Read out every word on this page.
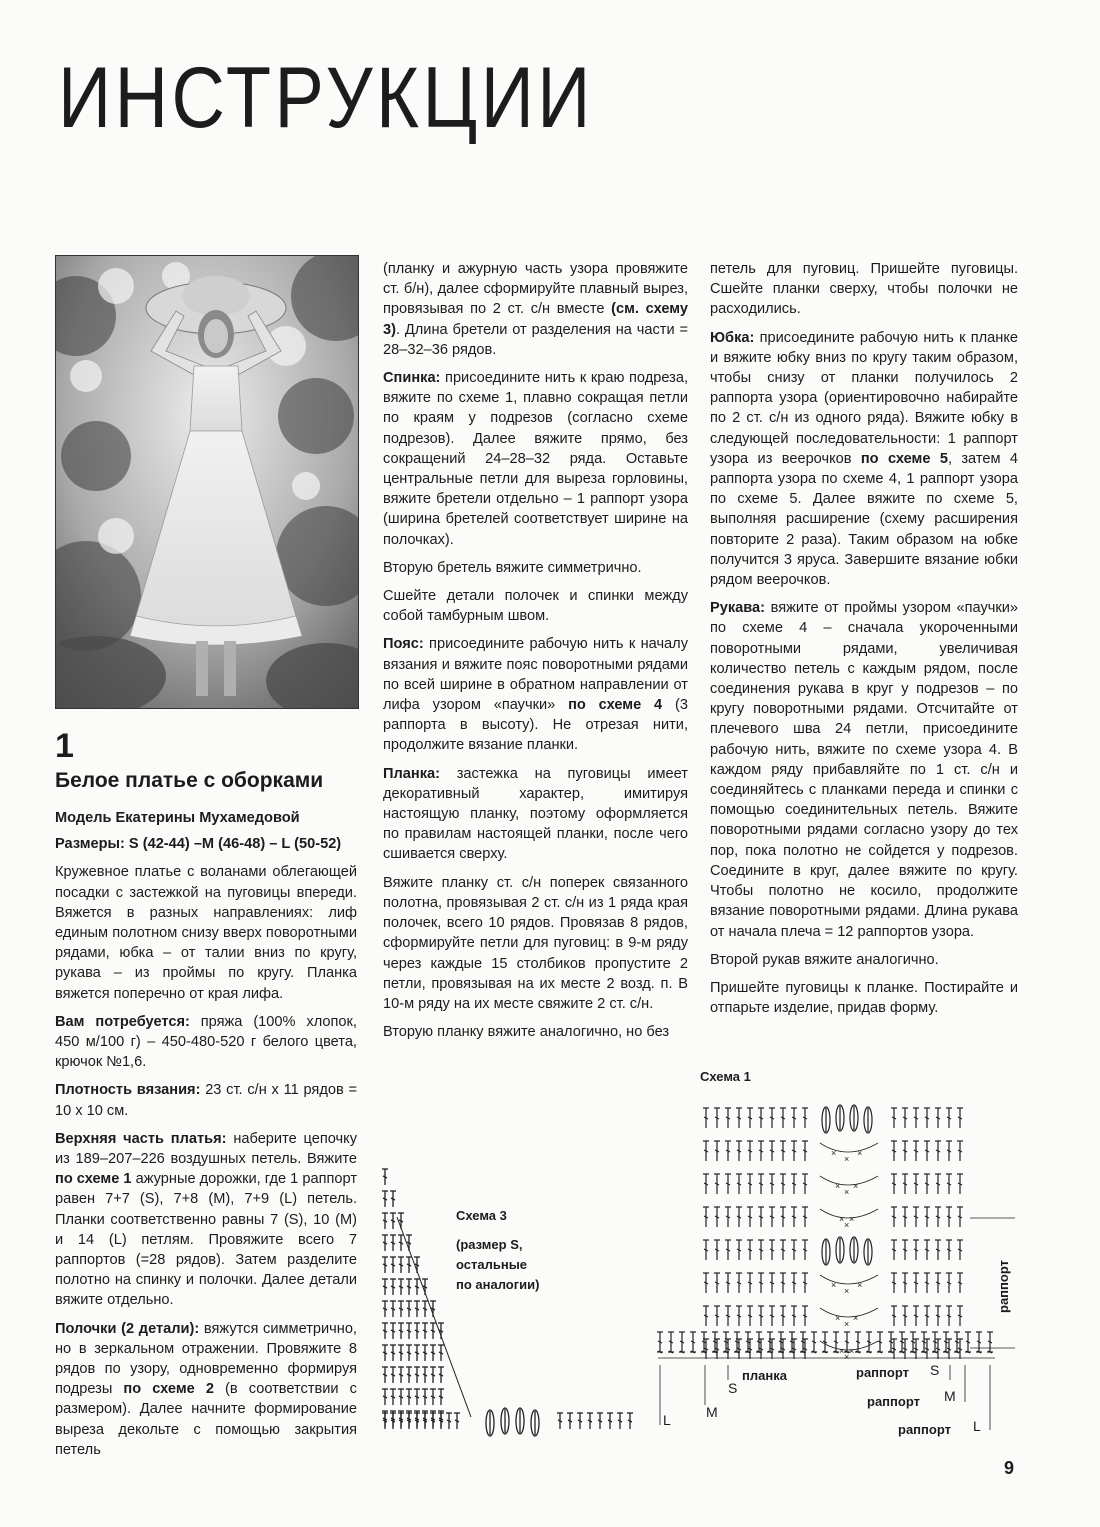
ИНСТРУКЦИИ
1
Белое платье с оборками
Модель Екатерины Мухамедовой
Размеры: S (42-44) –M (46-48) – L (50-52)

Кружевное платье с воланами облегающей посадки с застежкой на пуговицы впереди. Вяжется в разных направлениях: лиф единым полотном снизу вверх поворотными рядами, юбка – от талии вниз по кругу, рукава – из проймы по кругу. Планка вяжется поперечно от края лифа.

Вам потребуется: пряжа (100% хлопок, 450 м/100 г) – 450-480-520 г белого цвета, крючок №1,6.

Плотность вязания: 23 ст. с/н х 11 рядов = 10 х 10 см.

Верхняя часть платья: наберите цепочку из 189–207–226 воздушных петель. Вяжите по схеме 1 ажурные дорожки, где 1 раппорт равен 7+7 (S), 7+8 (M), 7+9 (L) петель. Планки соответственно равны 7 (S), 10 (M) и 14 (L) петлям. Провяжите всего 7 раппортов (=28 рядов). Затем разделите полотно на спинку и полочки. Далее детали вяжите отдельно.

Полочки (2 детали): вяжутся симметрично, но в зеркальном отражении. Провяжите 8 рядов по узору, одновременно формируя подрезы по схеме 2 (в соответствии с размером). Далее начните формирование выреза декольте с помощью закрытия петель

(планку и ажурную часть узора провяжите ст. б/н), далее сформируйте плавный вырез, провязывая по 2 ст. с/н вместе (см. схему 3). Длина бретели от разделения на части = 28–32–36 рядов.

Спинка: присоедините нить к краю подреза, вяжите по схеме 1, плавно сокращая петли по краям у подрезов (согласно схеме подрезов). Далее вяжите прямо, без сокращений 24–28–32 ряда. Оставьте центральные петли для выреза горловины, вяжите бретели отдельно – 1 раппорт узора (ширина бретелей соответствует ширине на полочках).

Вторую бретель вяжите симметрично.

Сшейте детали полочек и спинки между собой тамбурным швом.

Пояс: присоедините рабочую нить к началу вязания и вяжите пояс поворотными рядами по всей ширине в обратном направлении от лифа узором «паучки» по схеме 4 (3 раппорта в высоту). Не отрезая нити, продолжите вязание планки.

Планка: застежка на пуговицы имеет декоративный характер, имитируя настоящую планку, поэтому оформляется по правилам настоящей планки, после чего сшивается сверху.

Вяжите планку ст. с/н поперек связанного полотна, провязывая 2 ст. с/н из 1 ряда края полочек, всего 10 рядов. Провязав 8 рядов, сформируйте петли для пуговиц: в 9-м ряду через каждые 15 столбиков пропустите 2 петли, провязывая на их месте 2 возд. п. В 10-м ряду на их месте свяжите 2 ст. с/н.

Вторую планку вяжите аналогично, но без

петель для пуговиц. Пришейте пуговицы. Сшейте планки сверху, чтобы полочки не расходились.

Юбка: присоедините рабочую нить к планке и вяжите юбку вниз по кругу таким образом, чтобы снизу от планки получилось 2 раппорта узора (ориентировочно набирайте по 2 ст. с/н из одного ряда). Вяжите юбку в следующей последовательности: 1 раппорт узора из веерочков по схеме 5, затем 4 раппорта узора по схеме 4, 1 раппорт узора по схеме 5. Далее вяжите по схеме 5, выполняя расширение (схему расширения повторите 2 раза). Таким образом на юбке получится 3 яруса. Завершите вязание юбки рядом веерочков.

Рукава: вяжите от проймы узором «паучки» по схеме 4 – сначала укороченными поворотными рядами, увеличивая количество петель с каждым рядом, после соединения рукава в круг у подрезов – по кругу поворотными рядами. Отсчитайте от плечевого шва 24 петли, присоедините рабочую нить, вяжите по схеме узора 4. В каждом ряду прибавляйте по 1 ст. с/н и соединяйтесь с планками переда и спинки с помощью соединительных петель. Вяжите поворотными рядами согласно узору до тех пор, пока полотно не сойдется у подрезов. Соедините в круг, далее вяжите по кругу. Чтобы полотно не косило, продолжите вязание поворотными рядами. Длина рукава от начала плеча = 12 раппортов узора.

Второй рукав вяжите аналогично.

Пришейте пуговицы к планке. Постирайте и отпарьте изделие, придав форму.

Схема 3
(размер S,
остальные
по аналогии)
L
Схема 1
раппорт
планка	раппорт
раппорт
раппорт
S
S
M
M
L
× ×
×
× ×
×
× ×
×
× ×
×
× ×
×
× ×
×
9
